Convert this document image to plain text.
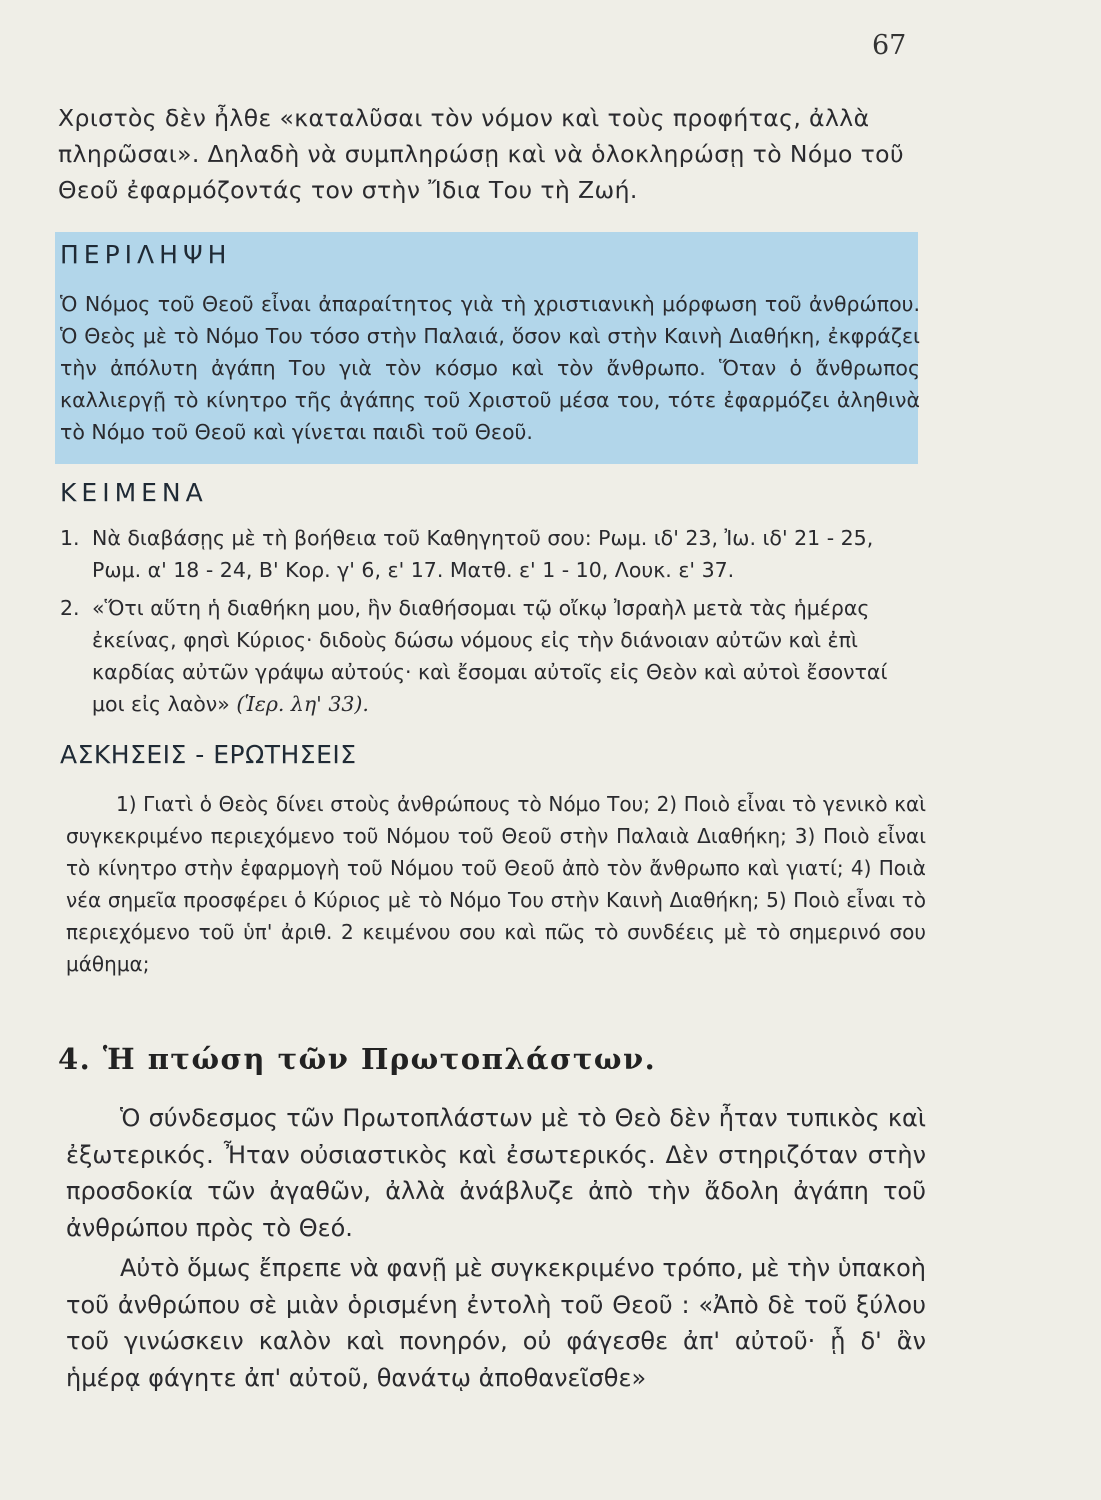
67

Χριστὸς δὲν ἦλθε «καταλῦσαι τὸν νόμον καὶ τοὺς προφήτας, ἀλλὰ πληρῶσαι». Δηλαδὴ νὰ συμπληρώσῃ καὶ νὰ ὁλοκληρώσῃ τὸ Νόμο τοῦ Θεοῦ ἐφαρμόζοντάς τον στὴν Ἴδια Του τὴ Ζωή.

ΠΕΡΙΛΗΨΗ

Ὁ Νόμος τοῦ Θεοῦ εἶναι ἀπαραίτητος γιὰ τὴ χριστιανικὴ μόρφωση τοῦ ἀνθρώπου. Ὁ Θεὸς μὲ τὸ Νόμο Του τόσο στὴν Παλαιά, ὅσον καὶ στὴν Καινὴ Διαθήκη, ἐκφράζει τὴν ἀπόλυτη ἀγάπη Του γιὰ τὸν κόσμο καὶ τὸν ἄνθρωπο. Ὅταν ὁ ἄνθρωπος καλλιεργῇ τὸ κίνητρο τῆς ἀγάπης τοῦ Χριστοῦ μέσα του, τότε ἐφαρμόζει ἀληθινὰ τὸ Νόμο τοῦ Θεοῦ καὶ γίνεται παιδὶ τοῦ Θεοῦ.

ΚΕΙΜΕΝΑ
1. Νὰ διαβάσῃς μὲ τὴ βοήθεια τοῦ Καθηγητοῦ σου: Ρωμ. ιδ' 23, Ἰω. ιδ' 21 - 25, Ρωμ. α' 18 - 24, Β' Κορ. γ' 6, ε' 17. Ματθ. ε' 1 - 10, Λουκ. ε' 37.
2. «Ὅτι αὕτη ἡ διαθήκη μου, ἣν διαθήσομαι τῷ οἴκῳ Ἰσραὴλ μετὰ τὰς ἡμέρας ἐκείνας, φησὶ Κύριος· διδοὺς δώσω νόμους εἰς τὴν διάνοιαν αὐτῶν καὶ ἐπὶ καρδίας αὐτῶν γράψω αὐτούς· καὶ ἔσομαι αὐτοῖς εἰς Θεὸν καὶ αὐτοὶ ἔσονταί μοι εἰς λαὸν» (Ἱερ. λη' 33).
ΑΣΚΗΣΕΙΣ - ΕΡΩΤΗΣΕΙΣ

1) Γιατὶ ὁ Θεὸς δίνει στοὺς ἀνθρώπους τὸ Νόμο Του; 2) Ποιὸ εἶναι τὸ γενικὸ καὶ συγκεκριμένο περιεχόμενο τοῦ Νόμου τοῦ Θεοῦ στὴν Παλαιὰ Διαθήκη; 3) Ποιὸ εἶναι τὸ κίνητρο στὴν ἐφαρμογὴ τοῦ Νόμου τοῦ Θεοῦ ἀπὸ τὸν ἄνθρωπο καὶ γιατί; 4) Ποιὰ νέα σημεῖα προσφέρει ὁ Κύριος μὲ τὸ Νόμο Του στὴν Καινὴ Διαθήκη; 5) Ποιὸ εἶναι τὸ περιεχόμενο τοῦ ὑπ' ἀριθ. 2 κειμένου σου καὶ πῶς τὸ συνδέεις μὲ τὸ σημερινό σου μάθημα;

4. Ἡ πτώση τῶν Πρωτοπλάστων.

Ὁ σύνδεσμος τῶν Πρωτοπλάστων μὲ τὸ Θεὸ δὲν ἦταν τυπικὸς καὶ ἐξωτερικός. Ἦταν οὐσιαστικὸς καὶ ἐσωτερικός. Δὲν στηριζόταν στὴν προσδοκία τῶν ἀγαθῶν, ἀλλὰ ἀνάβλυζε ἀπὸ τὴν ἄδολη ἀγάπη τοῦ ἀνθρώπου πρὸς τὸ Θεό.

Αὐτὸ ὅμως ἔπρεπε νὰ φανῇ μὲ συγκεκριμένο τρόπο, μὲ τὴν ὑπακοὴ τοῦ ἀνθρώπου σὲ μιὰν ὁρισμένη ἐντολὴ τοῦ Θεοῦ : «Ἀπὸ δὲ τοῦ ξύλου τοῦ γινώσκειν καλὸν καὶ πονηρόν, οὐ φάγεσθε ἀπ' αὐτοῦ· ᾗ δ' ἂν ἡμέρᾳ φάγητε ἀπ' αὐτοῦ, θανάτῳ ἀποθανεῖσθε»
